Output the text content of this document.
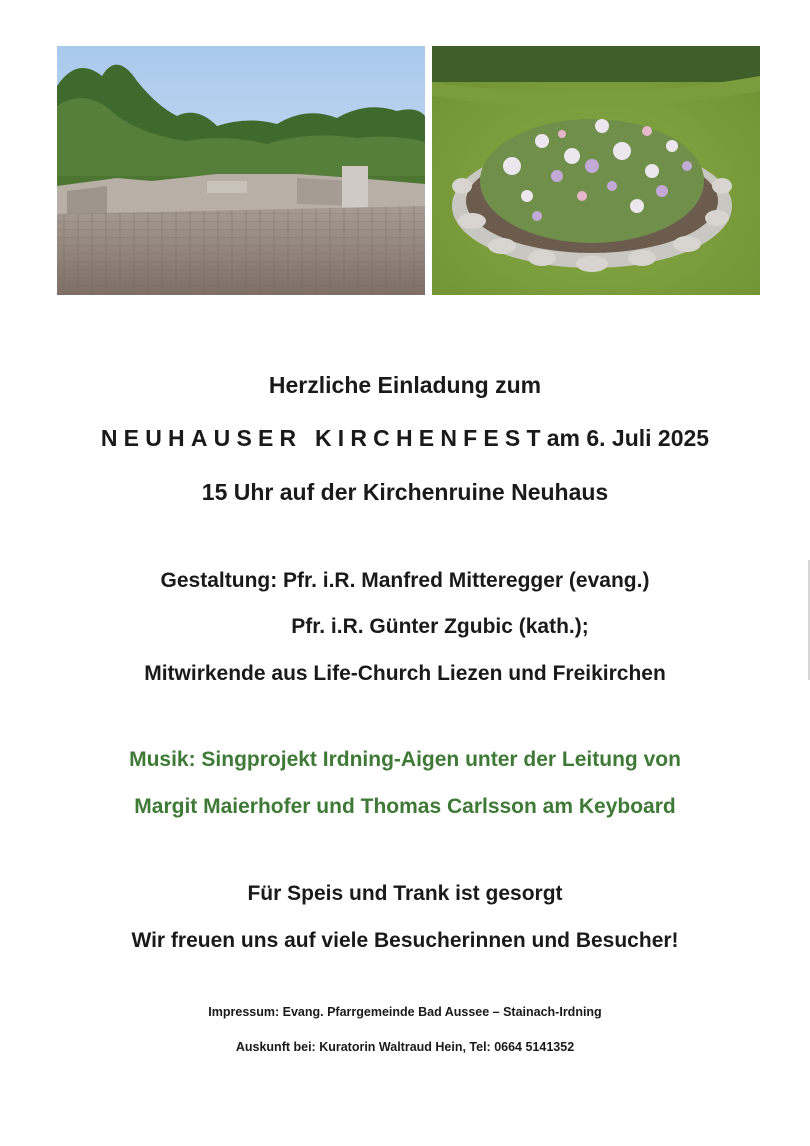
Herzliche Einladung zum
NEUHAUSER KIRCHENFESTam 6. Juli 2025
15 Uhr auf der Kirchenruine Neuhaus
Gestaltung: Pfr. i.R. Manfred Mitteregger (evang.)
Pfr. i.R. Günter Zgubic (kath.);
Mitwirkende aus Life-Church Liezen und Freikirchen
Musik: Singprojekt Irdning-Aigen unter der Leitung von
Margit Maierhofer und Thomas Carlsson am Keyboard
Für Speis und Trank ist gesorgt
Wir freuen uns auf viele Besucherinnen und Besucher!
Impressum: Evang. Pfarrgemeinde Bad Aussee – Stainach-Irdning
Auskunft bei: Kuratorin Waltraud Hein, Tel: 0664 5141352
